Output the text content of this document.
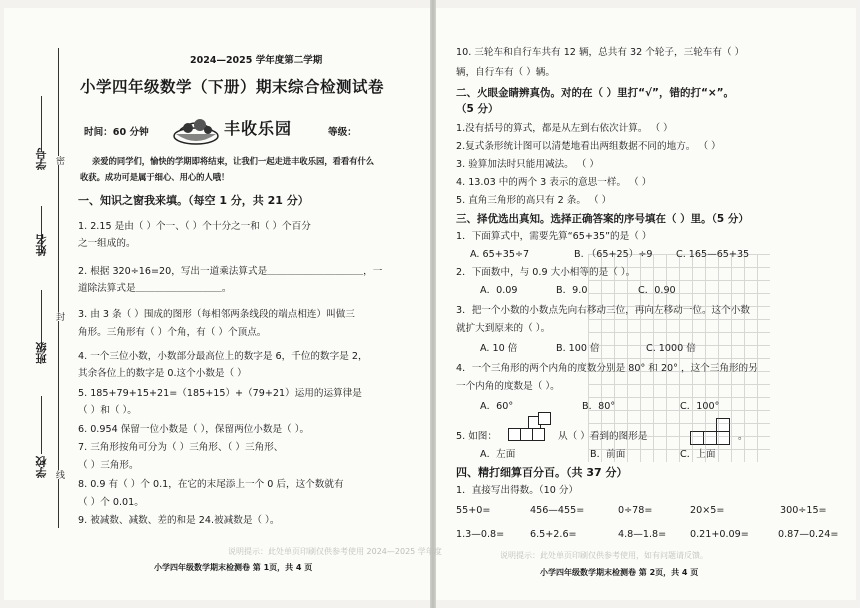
学号
姓名
班级
学校
密
封
线
2024—2025 学年度第二学期
小学四年级数学（下册）期末综合检测试卷
时间：60 分钟	丰收乐园	等级：
亲爱的同学们，愉快的学期即将结束，让我们一起走进丰收乐园，看看有什么
收获。成功可是属于细心、用心的人哦！
一、知识之窗我来填。（每空 1 分，共 21 分）
1. 2.15 是由（ ）个一、（ ）个十分之一和（ ）个百分
之一组成的。
2. 根据 320÷16=20，写出一道乘法算式是＿＿＿＿＿＿＿＿＿＿，一
道除法算式是＿＿＿＿＿＿＿＿＿。
3. 由 3 条（ ）围成的图形（每相邻两条线段的端点相连）叫做三
角形。三角形有（ ）个角，有（ ）个顶点。
4. 一个三位小数，小数部分最高位上的数字是 6，千位的数字是 2，
其余各位上的数字是 0.这个小数是（ ）
5. 185+79+15+21=（185+15）+（79+21）运用的运算律是
（ ）和（ ）。
6. 0.954 保留一位小数是（ ），保留两位小数是（ ）。
7. 三角形按角可分为（ ）三角形、（ ）三角形、
（ ）三角形。
8. 0.9 有（ ）个 0.1，在它的末尾添上一个 0 后，这个数就有
（ ）个 0.01。
9. 被减数、减数、差的和是 24.被减数是（ ）。
说明提示：此处单页印刷仅供参考使用 2024—2025 学年度
小学四年级数学期末检测卷 第 1页，共 4 页
10. 三轮车和自行车共有 12 辆，总共有 32 个轮子，三轮车有（ ）
辆，自行车有（ ）辆。
二、火眼金睛辨真伪。对的在（ ）里打“√”，错的打“×”。
（5 分）
1.没有括号的算式，都是从左到右依次计算。 （ ）
2.复式条形统计图可以清楚地看出两组数据不同的地方。 （ ）
3. 验算加法时只能用减法。 （ ）
4. 13.03 中的两个 3 表示的意思一样。 （ ）
5. 直角三角形的高只有 2 条。 （ ）
三、择优选出真知。选择正确答案的序号填在（ ）里。（5 分）
1．下面算式中，需要先算“65+35”的是（ ）
A. 65+35÷7	B. （65+25）÷9 C. 165—65+35
2．下面数中，与 0.9 大小相等的是（ ）。
A．0.09	B．9.0	C．0.90
3．把一个小数的小数点先向右移动三位，再向左移动一位。这个小数
就扩大到原来的（ ）。
A. 10 倍	B. 100 倍	C. 1000 倍
4．一个三角形的两个内角的度数分别是 80° 和 20° ，这个三角形的另
一个内角的度数是（ ）。
A．60°	B．80°	C．100°
5. 如图：	从（ ）看到的图形是	。
A．左面	B．前面	C．上面
四、精打细算百分百。（共 37 分）
1．直接写出得数。（10 分）
55+0=	456—455=	0÷78=	20×5=	300÷15=
1.3—0.8=	6.5+2.6=	4.8—1.8= 0.21+0.09=	0.87—0.24=
说明提示：此处单页印刷仅供参考使用，如有问题请反馈。
小学四年级数学期末检测卷 第 2页，共 4 页
